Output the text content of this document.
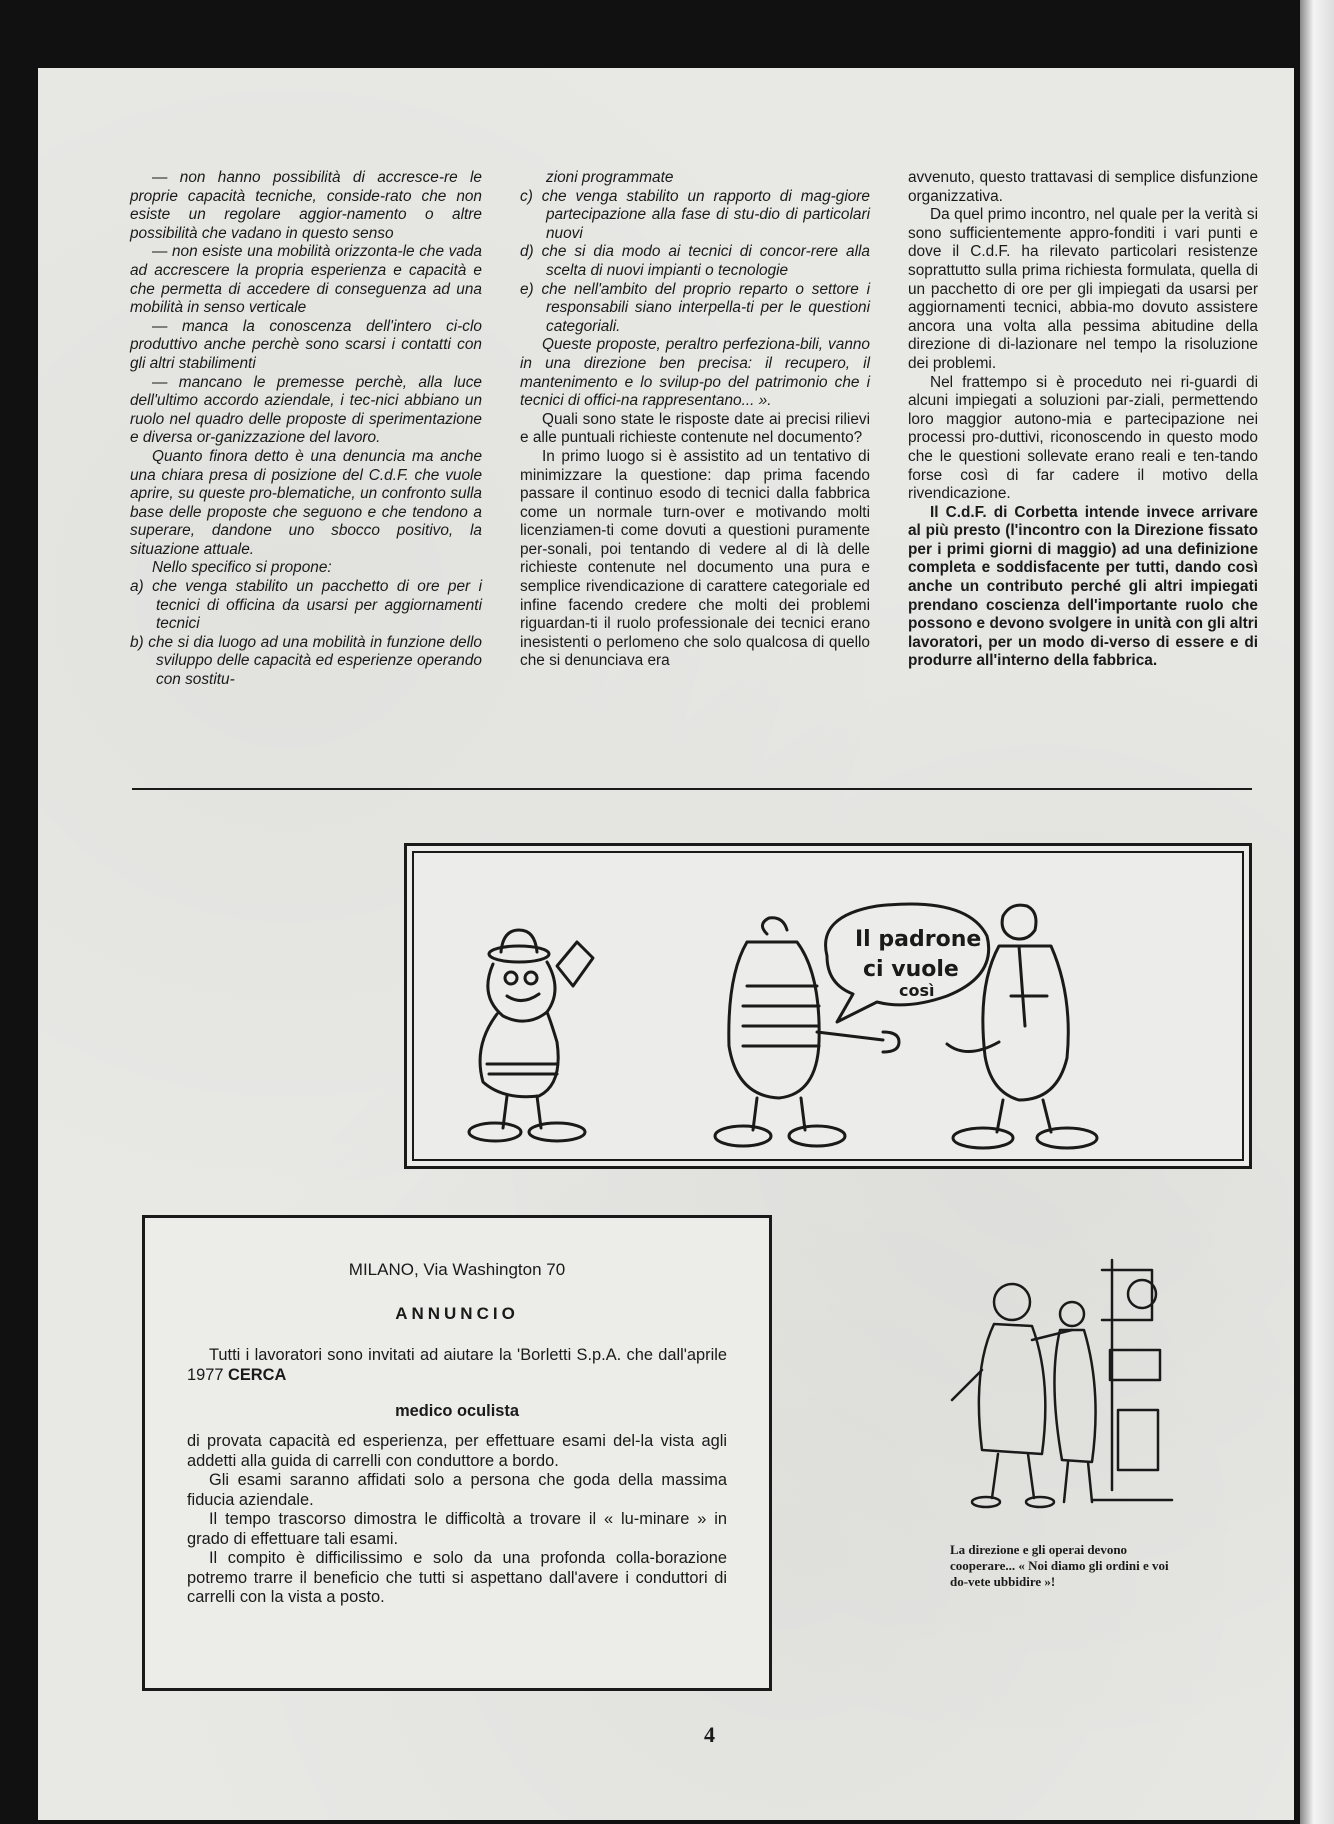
— non hanno possibilità di accresce-re le proprie capacità tecniche, conside-rato che non esiste un regolare aggior-namento o altre possibilità che vadano in questo senso

— non esiste una mobilità orizzonta-le che vada ad accrescere la propria esperienza e capacità e che permetta di accedere di conseguenza ad una mobilità in senso verticale

— manca la conoscenza dell'intero ci-clo produttivo anche perchè sono scarsi i contatti con gli altri stabilimenti

— mancano le premesse perchè, alla luce dell'ultimo accordo aziendale, i tec-nici abbiano un ruolo nel quadro delle proposte di sperimentazione e diversa or-ganizzazione del lavoro.

Quanto finora detto è una denuncia ma anche una chiara presa di posizione del C.d.F. che vuole aprire, su queste pro-blematiche, un confronto sulla base delle proposte che seguono e che tendono a superare, dandone uno sbocco positivo, la situazione attuale.

Nello specifico si propone:

a) che venga stabilito un pacchetto di ore per i tecnici di officina da usarsi per aggiornamenti tecnici

b) che si dia luogo ad una mobilità in funzione dello sviluppo delle capacità ed esperienze operando con sostitu-

zioni programmate

c) che venga stabilito un rapporto di mag-giore partecipazione alla fase di stu-dio di particolari nuovi

d) che si dia modo ai tecnici di concor-rere alla scelta di nuovi impianti o tecnologie

e) che nell'ambito del proprio reparto o settore i responsabili siano interpella-ti per le questioni categoriali.

Queste proposte, peraltro perfeziona-bili, vanno in una direzione ben precisa: il recupero, il mantenimento e lo svilup-po del patrimonio che i tecnici di offici-na rappresentano... ».

Quali sono state le risposte date ai precisi rilievi e alle puntuali richieste contenute nel documento?

In primo luogo si è assistito ad un tentativo di minimizzare la questione: dap prima facendo passare il continuo esodo di tecnici dalla fabbrica come un normale turn-over e motivando molti licenziamen-ti come dovuti a questioni puramente per-sonali, poi tentando di vedere al di là delle richieste contenute nel documento una pura e semplice rivendicazione di carattere categoriale ed infine facendo credere che molti dei problemi riguardan-ti il ruolo professionale dei tecnici erano inesistenti o perlomeno che solo qualcosa di quello che si denunciava era

avvenuto, questo trattavasi di semplice disfunzione organizzativa.

Da quel primo incontro, nel quale per la verità si sono sufficientemente appro-fonditi i vari punti e dove il C.d.F. ha rilevato particolari resistenze soprattutto sulla prima richiesta formulata, quella di un pacchetto di ore per gli impiegati da usarsi per aggiornamenti tecnici, abbia-mo dovuto assistere ancora una volta alla pessima abitudine della direzione di di-lazionare nel tempo la risoluzione dei problemi.

Nel frattempo si è proceduto nei ri-guardi di alcuni impiegati a soluzioni par-ziali, permettendo loro maggior autono-mia e partecipazione nei processi pro-duttivi, riconoscendo in questo modo che le questioni sollevate erano reali e ten-tando forse così di far cadere il motivo della rivendicazione.

Il C.d.F. di Corbetta intende invece arrivare al più presto (l'incontro con la Direzione fissato per i primi giorni di maggio) ad una definizione completa e soddisfacente per tutti, dando così anche un contributo perché gli altri impiegati prendano coscienza dell'importante ruolo che possono e devono svolgere in unità con gli altri lavoratori, per un modo di-verso di essere e di produrre all'interno della fabbrica.

Il padrone
ci vuole
così
MILANO, Via Washington 70
ANNUNCIO
Tutti i lavoratori sono invitati ad aiutare la 'Borletti S.p.A. che dall'aprile 1977 CERCA
medico oculista

di provata capacità ed esperienza, per effettuare esami del-la vista agli addetti alla guida di carrelli con conduttore a bordo.

Gli esami saranno affidati solo a persona che goda della massima fiducia aziendale.

Il tempo trascorso dimostra le difficoltà a trovare il « lu-minare » in grado di effettuare tali esami.

Il compito è difficilissimo e solo da una profonda colla-borazione potremo trarre il beneficio che tutti si aspettano dall'avere i conduttori di carrelli con la vista a posto.

La direzione e gli operai devono cooperare... « Noi diamo gli ordini e voi do-vete ubbidire »!
4
